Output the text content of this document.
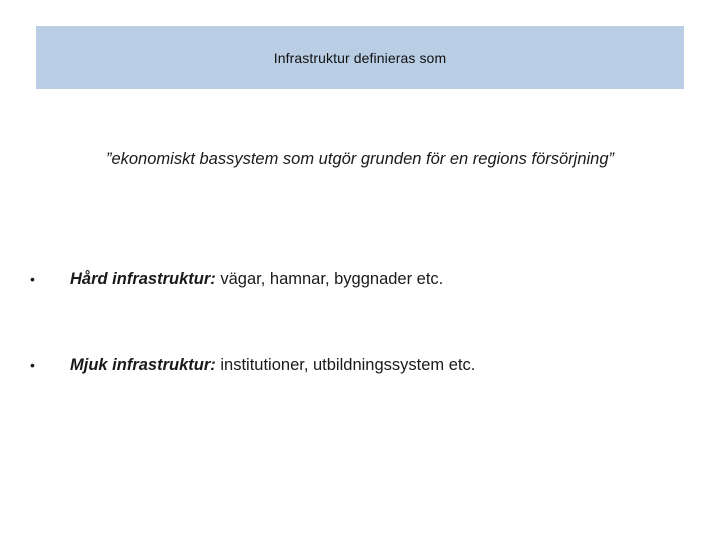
Infrastruktur definieras som
”ekonomiskt bassystem som utgör grunden för en regions försörjning”
•	Hård infrastruktur:
vägar, hamnar, byggnader etc.
•	Mjuk infrastruktur:
institutioner, utbildningssystem etc.
